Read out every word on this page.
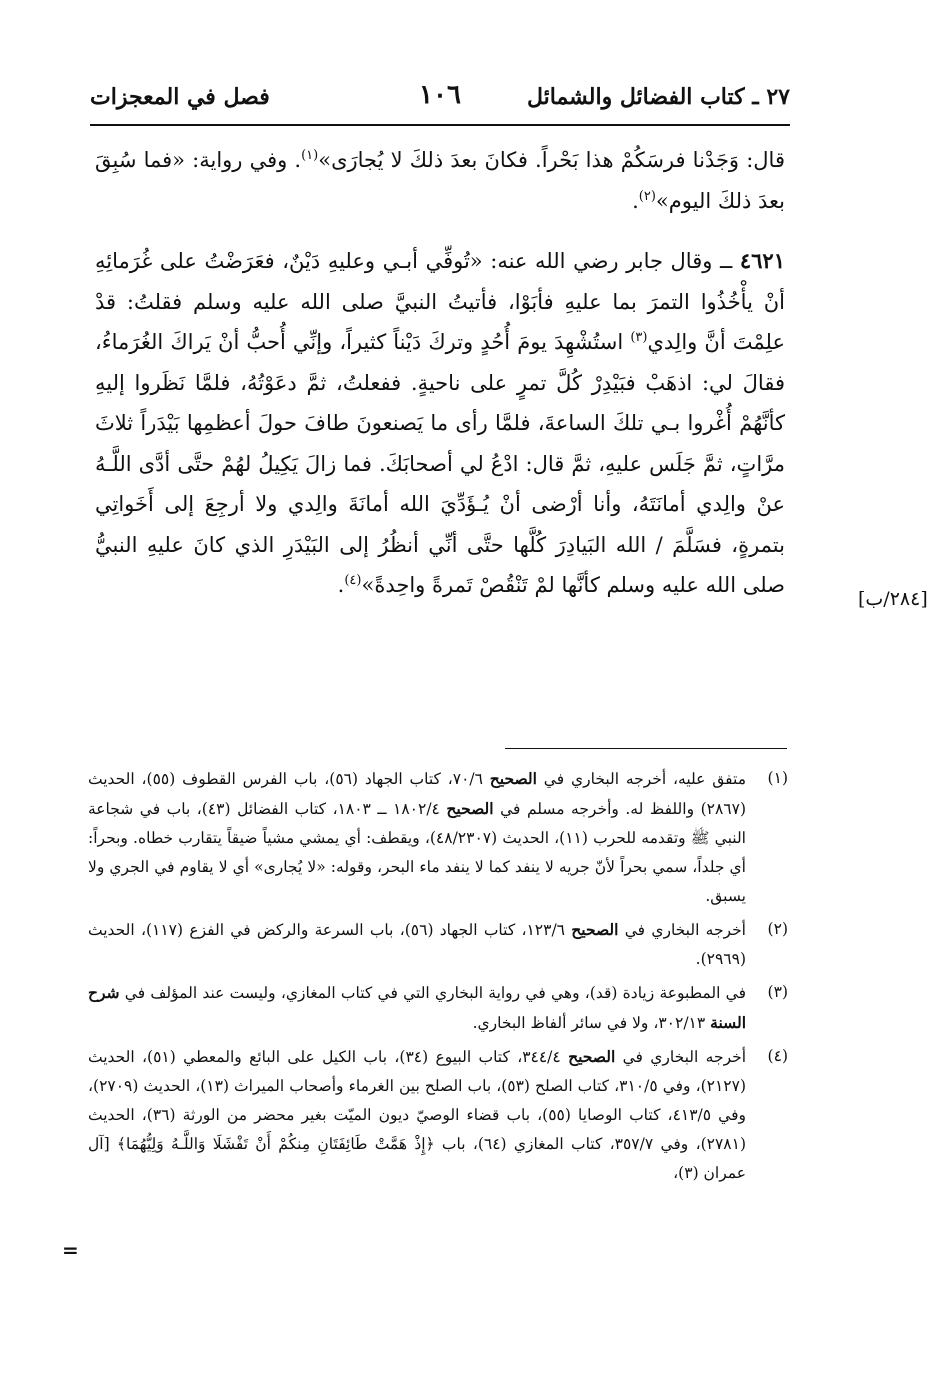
٢٧ ـ كتاب الفضائل والشمائل
١٠٦
فصل في المعجزات

قال: وَجَدْنا فرسَكُمْ هذا بَحْراً. فكانَ بعدَ ذلكَ لا يُجارَى»$^{(١)}$. وفي رواية: «فما سُبِقَ بعدَ ذلكَ اليوم»$^{(٢)}$.

٤٦٢١ ــ وقال جابر رضي الله عنه: «تُوفِّي أبـي وعليهِ دَيْنٌ، فعَرَضْتُ على غُرَمائِهِ أنْ يأْخُذُوا التمرَ بما عليهِ فأبَوْا، فأتيتُ النبيَّ صلى الله عليه وسلم فقلتُ: قدْ علِمْتَ أنَّ والِدي$^{(٣)}$ استُشْهِدَ يومَ أُحُدٍ وتركَ دَيْناً كثيراً، وإنِّي أُحبُّ أنْ يَراكَ الغُرَماءُ، فقالَ لي: اذهَبْ فبَيْدِرْ كُلَّ تمرٍ على ناحيةٍ. ففعلتُ، ثمَّ دعَوْتُهُ، فلمَّا نَظَروا إليهِ كأنَّهُمْ أُغْروا بـي تلكَ الساعةَ، فلمَّا رأى ما يَصنعونَ طافَ حولَ أعظمِها بَيْدَراً ثلاثَ مرَّاتٍ، ثمَّ جَلَس عليهِ، ثمَّ قال: ادْعُ لي أصحابَكَ. فما زالَ يَكِيلُ لهُمْ حتَّى أدَّى اللَّـهُ عنْ والِدي أمانَتَهُ، وأنا أرْضى أنْ يُـؤَدِّيَ الله أمانَةَ والِدي ولا أرجِعَ إلى أَخَواتِي بتمرةٍ، فسَلَّمَ / الله البَيادِرَ كُلَّها حتَّى أنِّي أنظُرُ إلى البَيْدَرِ الذي كانَ عليهِ النبيُّ صلى الله عليه وسلم كأنَّها لمْ تَنْقُصْ تَمرةً واحِدةً»$^{(٤)}$.

[٢٨٤/ب]
(١)
متفق عليه، أخرجه البخاري في الصحيح ٧٠/٦، كتاب الجهاد (٥٦)، باب الفرس القطوف (٥٥)، الحديث (٢٨٦٧) واللفظ له. وأخرجه مسلم في الصحيح ١٨٠٢/٤ ــ ١٨٠٣، كتاب الفضائل (٤٣)، باب في شجاعة النبي ﷺ وتقدمه للحرب (١١)، الحديث (٤٨/٢٣٠٧)، ويقطف: أي يمشي مشياً ضيقاً يتقارب خطاه. وبحراً: أي جلداً، سمي بحراً لأنّ جريه لا ينفد كما لا ينفد ماء البحر، وقوله: «لا يُجارى» أي لا يقاوم في الجري ولا يسبق.
(٢)
أخرجه البخاري في الصحيح ١٢٣/٦، كتاب الجهاد (٥٦)، باب السرعة والركض في الفزع (١١٧)، الحديث (٢٩٦٩).
(٣)
في المطبوعة زيادة (قد)، وهي في رواية البخاري التي في كتاب المغازي، وليست عند المؤلف في شرح السنة ٣٠٢/١٣، ولا في سائر ألفاظ البخاري.
(٤)
أخرجه البخاري في الصحيح ٣٤٤/٤، كتاب البيوع (٣٤)، باب الكيل على البائع والمعطي (٥١)، الحديث (٢١٢٧)، وفي ٣١٠/٥، كتاب الصلح (٥٣)، باب الصلح بين الغرماء وأصحاب الميراث (١٣)، الحديث (٢٧٠٩)، وفي ٤١٣/٥، كتاب الوصايا (٥٥)، باب قضاء الوصيّ ديون الميّت بغير محضر من الورثة (٣٦)، الحديث (٢٧٨١)، وفي ٣٥٧/٧، كتاب المغازي (٦٤)، باب ﴿إِذْ هَمَّتْ طَائِفَتَانِ مِنكُمْ أَنْ تَفْشَلَا وَاللَّـهُ وَلِيُّهُمَا﴾ [آل عمران (٣)،
=
